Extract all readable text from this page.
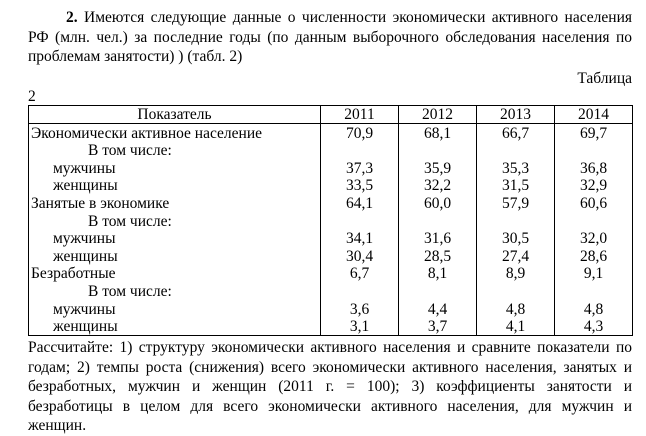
2. Имеются следующие данные о численности экономически активного населения РФ (млн. чел.) за последние годы (по данным выборочного обследования населения по проблемам занятости) ) (табл. 2)

Таблица

2

Показатель	2011	2012	2013	2014
Экономически активное население	70,9	68,1	66,7	69,7
В том числе:				
мужчины	37,3	35,9	35,3	36,8
женщины	33,5	32,2	31,5	32,9
Занятые в экономике	64,1	60,0	57,9	60,6
В том числе:				
мужчины	34,1	31,6	30,5	32,0
женщины	30,4	28,5	27,4	28,6
Безработные	6,7	8,1	8,9	9,1
В том числе:				
мужчины	3,6	4,4	4,8	4,8
женщины	3,1	3,7	4,1	4,3

Рассчитайте: 1) структуру экономически активного населения и сравните показатели по годам; 2) темпы роста (снижения) всего экономически активного населения, занятых и безработных, мужчин и женщин (2011 г. = 100); 3) коэффициенты занятости и безработицы в целом для всего экономически активного населения, для мужчин и женщин.
